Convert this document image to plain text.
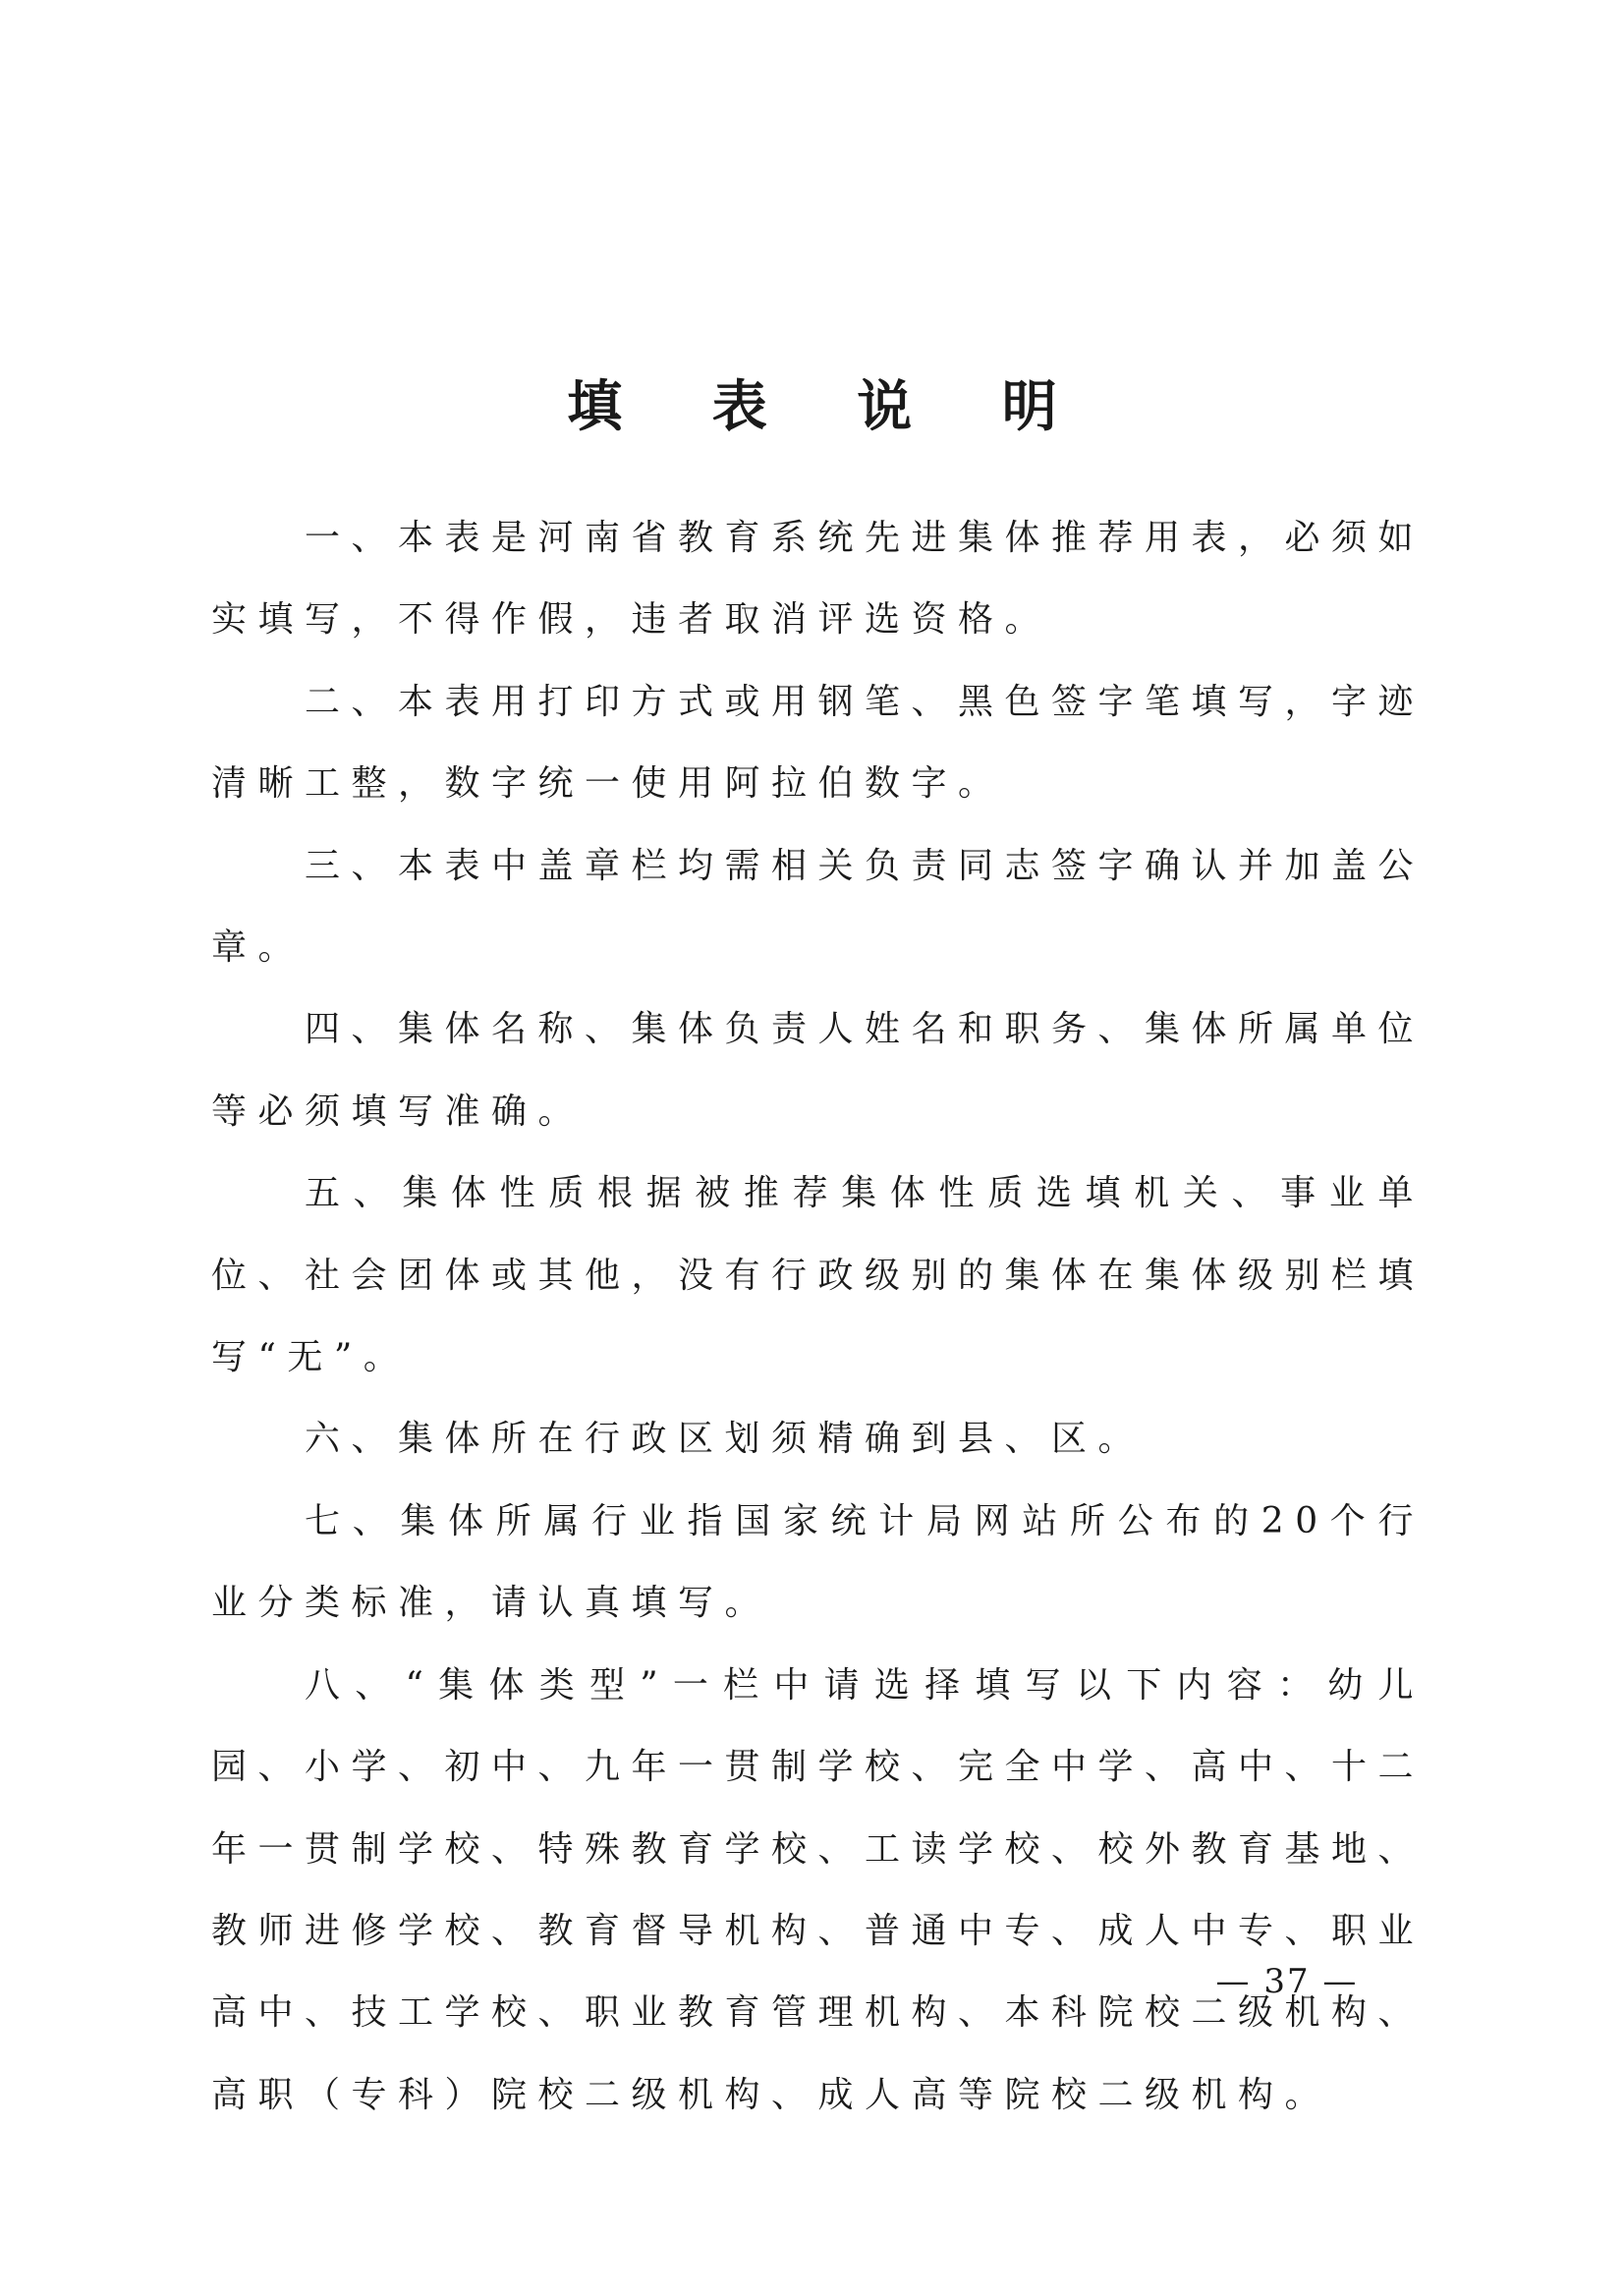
填 表 说 明

一、本表是河南省教育系统先进集体推荐用表，必须如实填写，不得作假，违者取消评选资格。

二、本表用打印方式或用钢笔、黑色签字笔填写，字迹清晰工整，数字统一使用阿拉伯数字。

三、本表中盖章栏均需相关负责同志签字确认并加盖公章。

四、集体名称、集体负责人姓名和职务、集体所属单位等必须填写准确。

五、集体性质根据被推荐集体性质选填机关、事业单位、社会团体或其他，没有行政级别的集体在集体级别栏填写“无”。

六、集体所在行政区划须精确到县、区。

七、集体所属行业指国家统计局网站所公布的20个行业分类标准，请认真填写。

八、“集体类型”一栏中请选择填写以下内容：幼儿园、小学、初中、九年一贯制学校、完全中学、高中、十二年一贯制学校、特殊教育学校、工读学校、校外教育基地、教师进修学校、教育督导机构、普通中专、成人中专、职业高中、技工学校、职业教育管理机构、本科院校二级机构、高职（专科）院校二级机构、成人高等院校二级机构。

— 37 —
